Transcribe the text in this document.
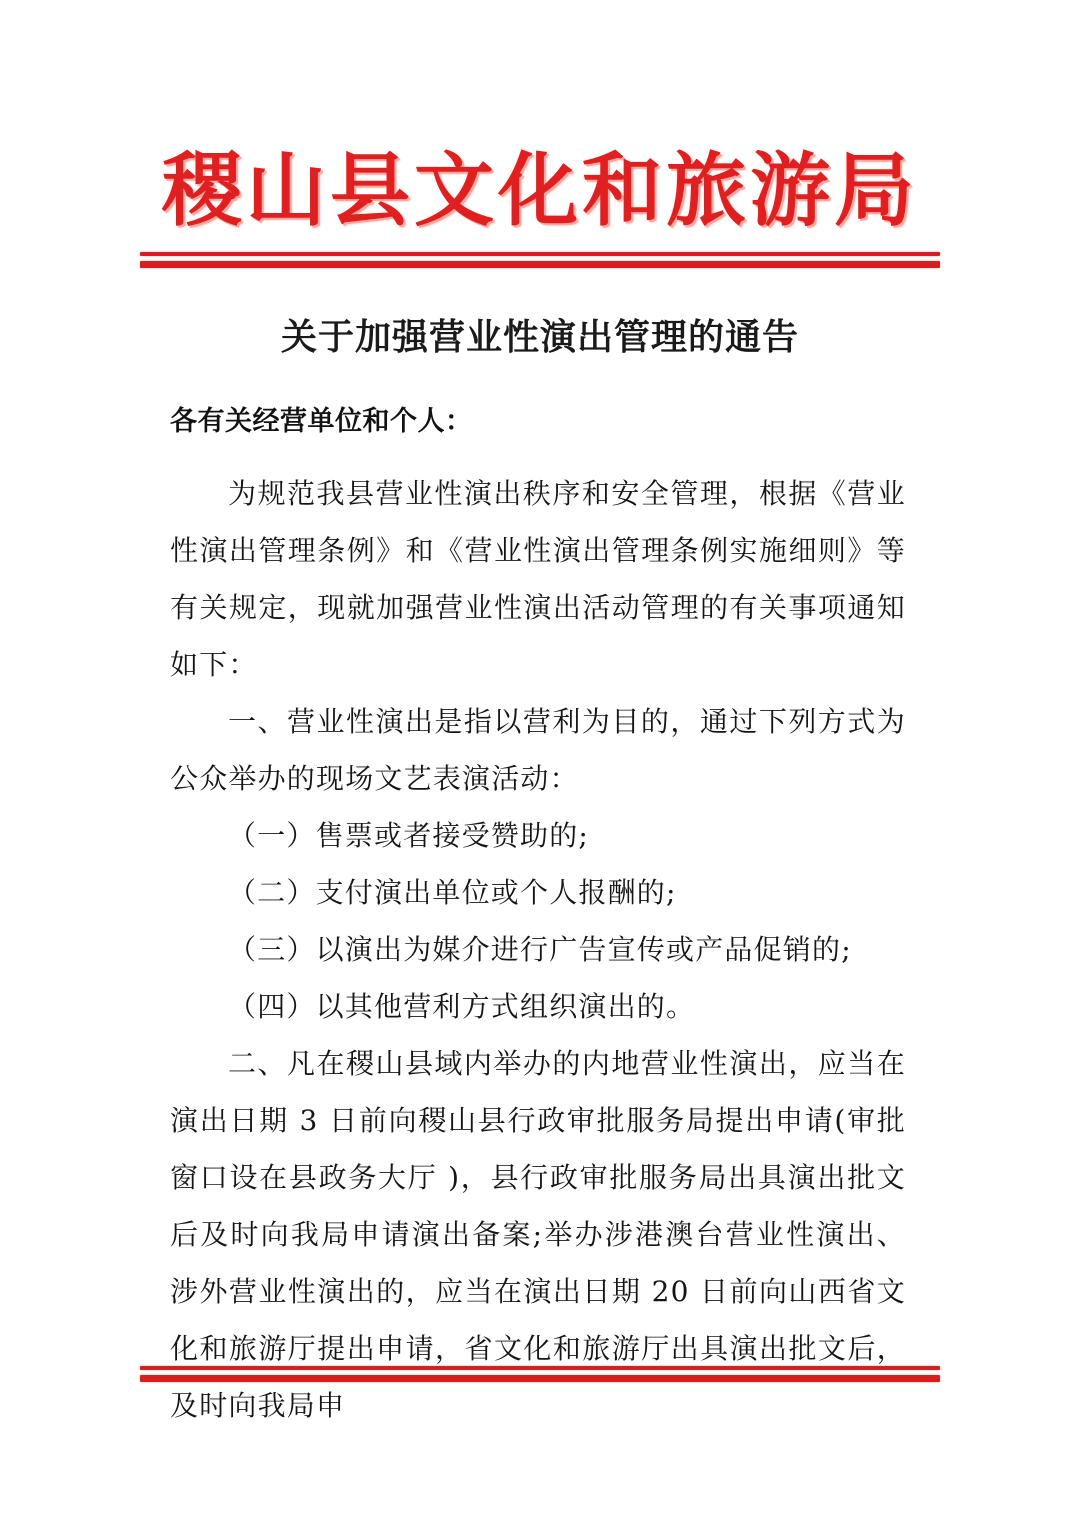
稷山县文化和旅游局
关于加强营业性演出管理的通告
各有关经营单位和个人：

为规范我县营业性演出秩序和安全管理，根据《营业性演出管理条例》和《营业性演出管理条例实施细则》等有关规定，现就加强营业性演出活动管理的有关事项通知如下：

一、营业性演出是指以营利为目的，通过下列方式为公众举办的现场文艺表演活动：

（一）售票或者接受赞助的;

（二）支付演出单位或个人报酬的;

（三）以演出为媒介进行广告宣传或产品促销的;

（四）以其他营利方式组织演出的。

二、凡在稷山县域内举办的内地营业性演出，应当在演出日期 3 日前向稷山县行政审批服务局提出申请(审批窗口设在县政务大厅 )，县行政审批服务局出具演出批文后及时向我局申请演出备案;举办涉港澳台营业性演出、涉外营业性演出的，应当在演出日期 20 日前向山西省文化和旅游厅提出申请，省文化和旅游厅出具演出批文后，及时向我局申
